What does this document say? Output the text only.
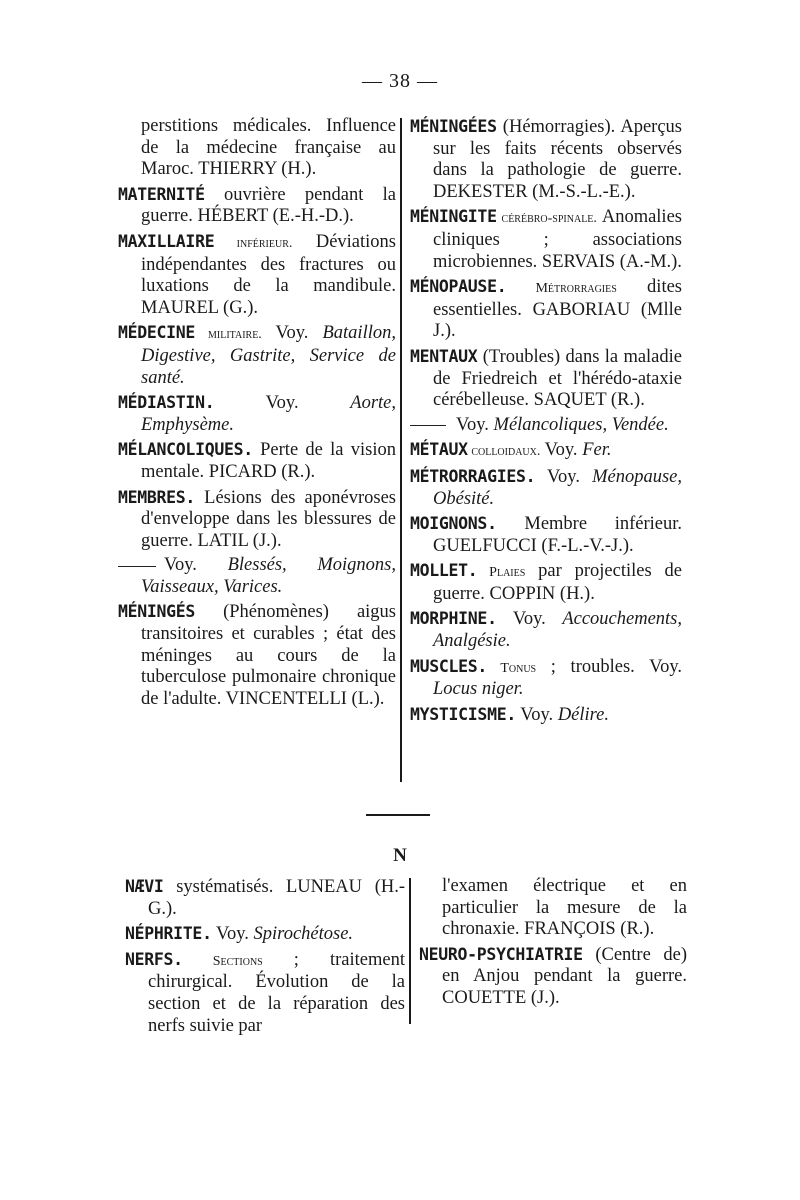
— 38 —

perstitions médicales. Influence de la médecine française au Maroc. THIERRY (H.).

MATERNITÉ ouvrière pendant la guerre. HÉBERT (E.-H.-D.).

MAXILLAIRE inférieur. Déviations indépendantes des fractures ou luxations de la mandibule. MAUREL (G.).

MÉDECINE militaire. Voy. Bataillon, Digestive, Gastrite, Service de santé.

MÉDIASTIN. Voy. Aorte, Emphysème.

MÉLANCOLIQUES. Perte de la vision mentale. PICARD (R.).

MEMBRES. Lésions des aponévroses d'enveloppe dans les blessures de guerre. LATIL (J.).

Voy. Blessés, Moignons, Vaisseaux, Varices.

MÉNINGÉS (Phénomènes) aigus transitoires et curables ; état des méninges au cours de la tuberculose pulmonaire chronique de l'adulte. VINCENTELLI (L.).

MÉNINGÉES (Hémorragies). Aperçus sur les faits récents observés dans la pathologie de guerre. DEKESTER (M.-S.-L.-E.).

MÉNINGITE cérébro-spinale. Anomalies cliniques ; associations microbiennes. SERVAIS (A.-M.).

MÉNOPAUSE. Métrorragies dites essentielles. GABORIAU (Mlle J.).

MENTAUX (Troubles) dans la maladie de Friedreich et l'hérédo-ataxie cérébelleuse. SAQUET (R.).

Voy. Mélancoliques, Vendée.

MÉTAUX colloidaux. Voy. Fer.

MÉTRORRAGIES. Voy. Ménopause, Obésité.

MOIGNONS. Membre inférieur. GUELFUCCI (F.-L.-V.-J.).

MOLLET. Plaies par projectiles de guerre. COPPIN (H.).

MORPHINE. Voy. Accouchements, Analgésie.

MUSCLES. Tonus ; troubles. Voy. Locus niger.

MYSTICISME. Voy. Délire.

N

NÆVI systématisés. LUNEAU (H.-G.).

NÉPHRITE. Voy. Spirochétose.

NERFS. Sections ; traitement chirurgical. Évolution de la section et de la réparation des nerfs suivie par

l'examen électrique et en particulier la mesure de la chronaxie. FRANÇOIS (R.).

NEURO-PSYCHIATRIE (Centre de) en Anjou pendant la guerre. COUETTE (J.).
